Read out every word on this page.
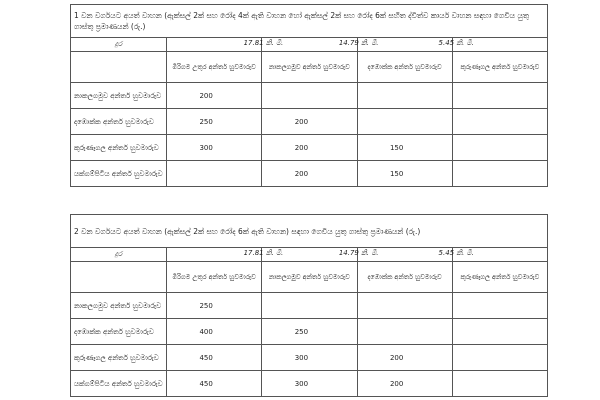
1 වන වර්ගයට අයත් වාහන (ඇක්සල් 2ක් සහ රෝද 4ක් ඇති වාහන හෝ ඇක්සල් 2ක් සහ රෝද 6ක් සහිත ද්විත්ව කාර්ය වාහන සඳහා ගෙවිය යුතු ගාස්තු ප්‍රමාණයන් (රු.)				
දුර	17.81 කි. මී.	14.79 කි. මී.	5.45 කි. මී.	

	මීරිගම උතුර අන්තර් හුවමාරුව	නාකලගමුව අන්තර් හුවමාරුව	දඹොක්ක අන්තර් හුවමාරුව	කුරුණෑගල අන්තර් හුවමාරුව
නාකලගමුව අන්තර් හුවමාරුව	200			
දඹොක්ක අන්තර් හුවමාරුව	250	200		
කුරුණෑගල අන්තර් හුවමාරුව	300	200	150	
යක්ගම්පිටිය අන්තර් හුවමාරුව		200	150	
2 වන වර්ගයට අයත් වාහන (ඇක්සල් 2ක් සහ රෝද 6ක් ඇති වාහන) සඳහා ගෙවිය යුතු ගාස්තු ප්‍රමාණයන් (රු.)				
දුර	17.81 කි. මී.	14.79 කි. මී.	5.45 කි. මී.	

	මීරිගම උතුර අන්තර් හුවමාරුව	නාකලගමුව අන්තර් හුවමාරුව	දඹොක්ක අන්තර් හුවමාරුව	කුරුණෑගල අන්තර් හුවමාරුව
නාකලගමුව අන්තර් හුවමාරුව	250			
දඹොක්ක අන්තර් හුවමාරුව	400	250		
කුරුණෑගල අන්තර් හුවමාරුව	450	300	200	
යක්ගම්පිටිය අන්තර් හුවමාරුව	450	300	200	
